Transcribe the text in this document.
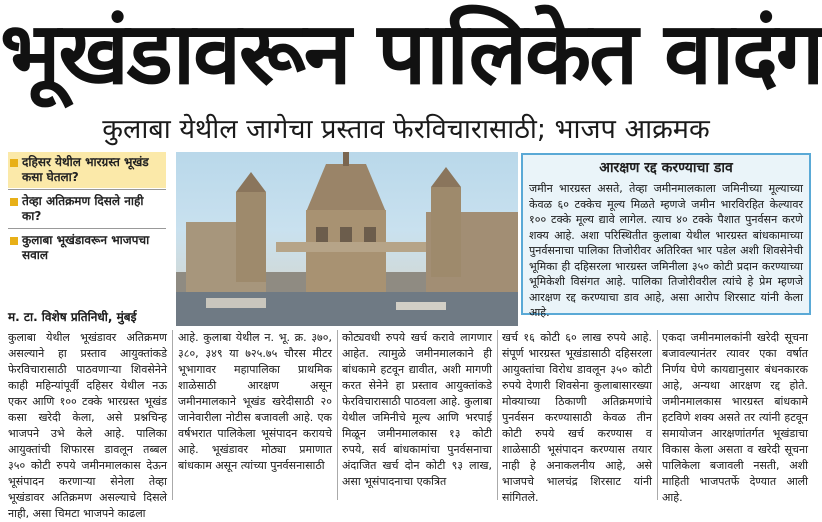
भूखंडावरून पालिकेत वादंग
कुलाबा येथील जागेचा प्रस्ताव फेरविचारासाठी; भाजप आक्रमक
दहिसर येथील भारग्रस्त भूखंड कसा घेतला?
तेव्हा अतिक्रमण दिसले नाही का?
कुलाबा भूखंडावरून भाजपचा सवाल
आरक्षण रद्द करण्याचा डाव
जमीन भारग्रस्त असते, तेव्हा जमीनमालकाला जमिनीच्या मूल्याच्या केवळ ६० टक्केच मूल्य मिळते म्हणजे जमीन भारविरहित केल्यावर १०० टक्के मूल्य द्यावे लागेल. त्याच ४० टक्के पैशात पुनर्वसन करणे शक्य आहे. अशा परिस्थितीत कुलाबा येथील भारग्रस्त बांधकामाच्या पुनर्वसनाचा पालिका तिजोरीवर अतिरिक्त भार पडेल अशी शिवसेनेची भूमिका ही दहिसरला भारग्रस्त जमिनीला ३५० कोटी प्रदान करण्याच्या भूमिकेशी विसंगत आहे. पालिका तिजोरीवरील त्यांचे हे प्रेम म्हणजे आरक्षण रद्द करण्याचा डाव आहे, असा आरोप शिरसाट यांनी केला आहे.
म. टा. विशेष प्रतिनिधी, मुंबई
कुलाबा येथील भूखंडावर अतिक्रमण असल्याने हा प्रस्ताव आयुक्तांकडे फेरविचारासाठी पाठवणाऱ्या शिवसेनेने काही महिन्यांपूर्वी दहिसर येथील नऊ एकर आणि १०० टक्के भारग्रस्त भूखंड कसा खरेदी केला, असे प्रश्नचिन्ह भाजपने उभे केले आहे. पालिका आयुक्तांची शिफारस डावलून तब्बल ३५० कोटी रुपये जमीनमालकास देऊन भूसंपादन करणाऱ्या सेनेला तेव्हा भूखंडावर अतिक्रमण असल्याचे दिसले नाही, असा चिमटा भाजपने काढला
आहे. कुलाबा येथील न. भू. क्र. ३७०, ३८०, ३४९ या ७२५.७५ चौरस मीटर भूभागावर महापालिका प्राथमिक शाळेसाठी आरक्षण असून जमीनमालकाने भूखंड खरेदीसाठी २० जानेवारीला नोटीस बजावली आहे. एक वर्षभरात पालिकेला भूसंपादन करायचे आहे. भूखंडावर मोठ्या प्रमाणात बांधकाम असून त्यांच्या पुनर्वसनासाठी
कोट्यवधी रुपये खर्च करावे लागणार आहेत. त्यामुळे जमीनमालकाने ही बांधकामे हटवून द्यावीत, अशी मागणी करत सेनेने हा प्रस्ताव आयुक्तांकडे फेरविचारासाठी पाठवला आहे. कुलाबा येथील जमिनीचे मूल्य आणि भरपाई मिळून जमीनमालकास १३ कोटी रुपये, सर्व बांधकामांचा पुनर्वसनाचा अंदाजित खर्च दोन कोटी ९३ लाख, असा भूसंपादनाचा एकत्रित
खर्च १६ कोटी ६० लाख रुपये आहे. संपूर्ण भारग्रस्त भूखंडासाठी दहिसरला आयुक्तांचा विरोध डावलून ३५० कोटी रुपये देणारी शिवसेना कुलाबासारख्या मोक्याच्या ठिकाणी अतिक्रमणांचे पुनर्वसन करण्यासाठी केवळ तीन कोटी रुपये खर्च करण्यास व शाळेसाठी भूसंपादन करण्यास तयार नाही हे अनाकलनीय आहे, असे भाजपचे भालचंद्र शिरसाट यांनी सांगितले.
एकदा जमीनमालकांनी खरेदी सूचना बजावल्यानंतर त्यावर एका वर्षात निर्णय घेणे कायद्यानुसार बंधनकारक आहे, अन्यथा आरक्षण रद्द होते. जमीनमालकास भारग्रस्त बांधकामे हटविणे शक्य असते तर त्यांनी हटवून समायोजन आरक्षणांतर्गत भूखंडाचा विकास केला असता व खरेदी सूचना पालिकेला बजावली नसती, अशी माहिती भाजपतर्फे देण्यात आली आहे.
